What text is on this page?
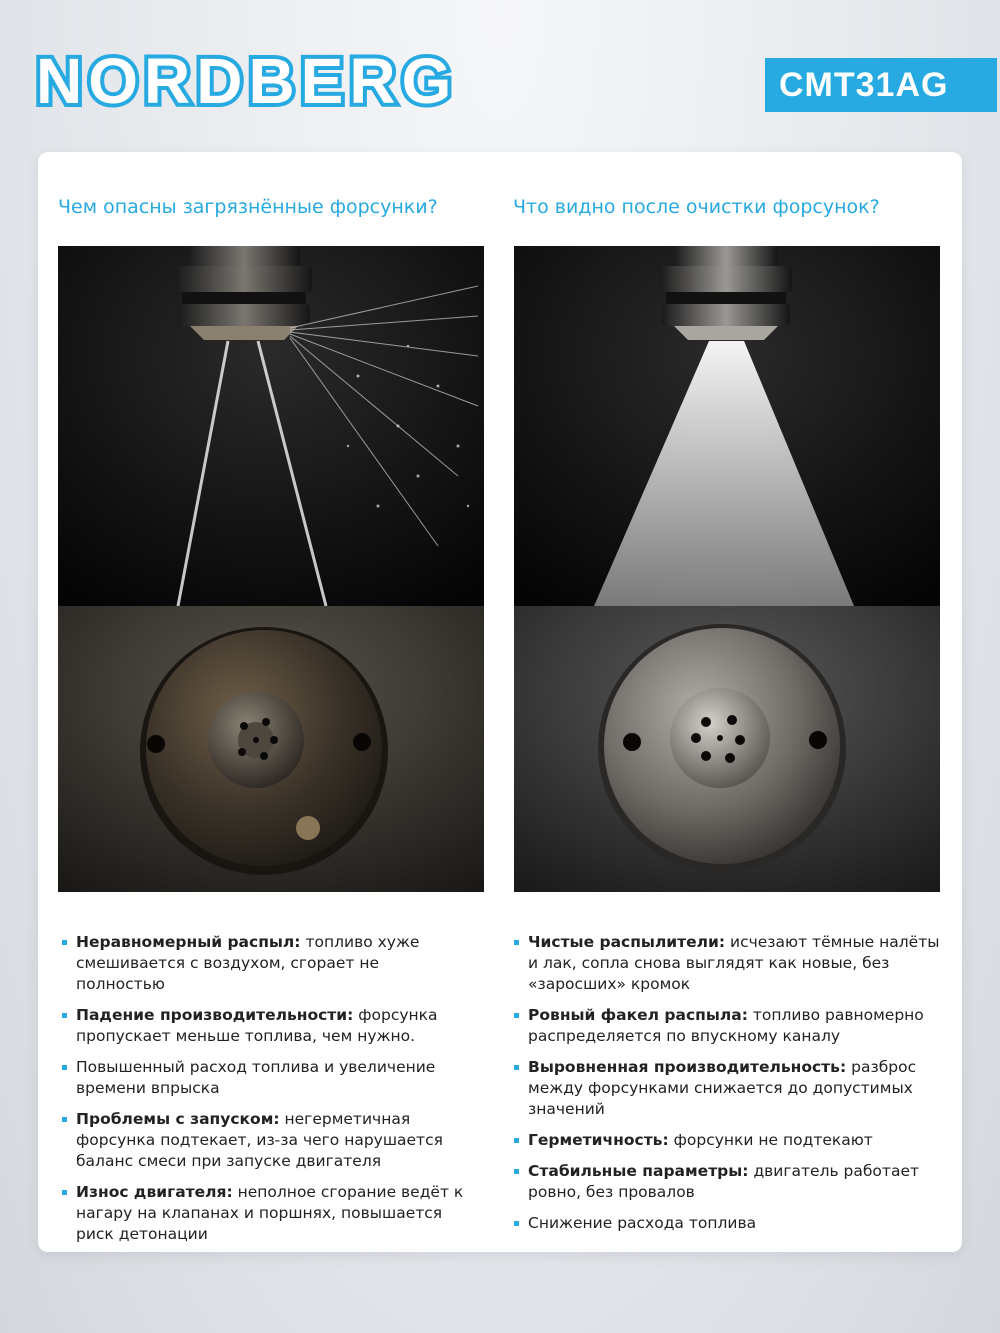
NORDBERG	CMT31AG
Чем опасны загрязнённые форсунки?	Что видно после очистки форсунок?
Неравномерный распыл: топливо хуже смешивается с воздухом, сгорает не полностью
Падение производительности: форсунка пропускает меньше топлива, чем нужно.
Повышенный расход топлива и увеличение времени впрыска
Проблемы с запуском: негерметичная форсунка подтекает, из-за чего нарушается баланс смеси при запуске двигателя
Износ двигателя: неполное сгорание ведёт к нагару на клапанах и поршнях, повышается риск детонации
Чистые распылители: исчезают тёмные налёты и лак, сопла снова выглядят как новые, без «заросших» кромок
Ровный факел распыла: топливо равномерно распределяется по впускному каналу
Выровненная производительность: разброс между форсунками снижается до допустимых значений
Герметичность: форсунки не подтекают
Стабильные параметры: двигатель работает ровно, без провалов
Снижение расхода топлива
